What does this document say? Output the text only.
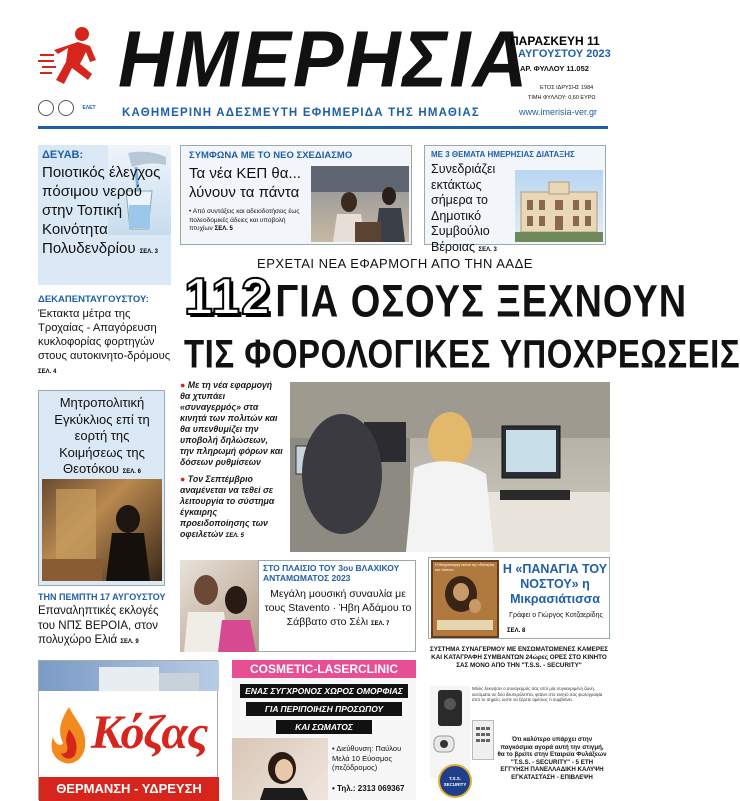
ΕΛΕΤ
ΗΜΕΡΗΣΙΑ
ΚΑΘΗΜΕΡΙΝΗ ΑΔΕΣΜΕΥΤΗ ΕΦΗΜΕΡΙΔΑ ΤΗΣ ΗΜΑΘΙΑΣ
ΠΑΡΑΣΚΕΥΗ 11
ΑΥΓΟΥΣΤΟΥ 2023
ΑΡ. ΦΥΛΛΟΥ 11.052
ΕΤΟΣ ΙΔΡΥΣΗΣ 1984
ΤΙΜΗ ΦΥΛΛΟΥ: 0,60 ΕΥΡΩ
www.imerisia-ver.gr
ΔΕΥΑΒ:
Ποιοτικός έλεγχος πόσιμου νερού στην Τοπική Κοινότητα Πολυδενδρίου ΣΕΛ. 3
ΔΕΚΑΠΕΝΤΑΥΓΟΥΣΤΟΥ:
Έκτακτα μέτρα της Τροχαίας - Απαγόρευση κυκλοφορίας φορτηγών στους αυτοκινητο-δρόμους ΣΕΛ. 4
Μητροπολιτική Εγκύκλιος επί τη εορτή της Κοιμήσεως της Θεοτόκου ΣΕΛ. 6
ΤΗΝ ΠΕΜΠΤΗ 17 ΑΥΓΟΥΣΤΟΥ
Επαναληπτικές εκλογές του ΝΠΣ ΒΕΡΟΙΑ, στον πολυχώρο Ελιά ΣΕΛ. 9
ΣΥΜΦΩΝΑ ΜΕ ΤΟ ΝΕΟ ΣΧΕΔΙΑΣΜΟ
Τα νέα ΚΕΠ θα... λύνουν τα πάντα
• Από συντάξεις και αδειοδοτήσεις έως πολεοδομικές άδειες και υποβολή πτυχίων ΣΕΛ. 5
ΜΕ 3 ΘΕΜΑΤΑ ΗΜΕΡΗΣΙΑΣ ΔΙΑΤΑΞΗΣ
Συνεδριάζει εκτάκτως σήμερα το Δημοτικό Συμβούλιο Βέροιας ΣΕΛ. 3
ΕΡΧΕΤΑΙ ΝΕΑ ΕΦΑΡΜΟΓΗ ΑΠΟ ΤΗΝ ΑΑΔΕ
112 ΓΙΑ ΟΣΟΥΣ ΞΕΧΝΟΥΝ
ΤΙΣ ΦΟΡΟΛΟΓΙΚΕΣ ΥΠΟΧΡΕΩΣΕΙΣ
● Με τη νέα εφαρμογή θα χτυπάει «συναγερμός» στα κινητά των πολιτών και θα υπενθυμίζει την υποβολή δηλώσεων, την πληρωμή φόρων και δόσεων ρυθμίσεων
● Τον Σεπτέμβριο αναμένεται να τεθεί σε λειτουργία το σύστημα έγκαιρης προειδοποίησης των οφειλετών ΣΕΛ. 5
ΣΤΟ ΠΛΑΙΣΙΟ ΤΟΥ 3ου ΒΛΑΧΙΚΟΥ ΑΝΤΑΜΩΜΑΤΟΣ 2023
Μεγάλη μουσική συναυλία με τους Stavento · Ήβη Αδάμου το Σάββατο στο Σέλι ΣΕΛ. 7
Η Θαυματουργή εικόνα της «Παναγίας του νόστου»	Η «ΠΑΝΑΓΙΑ ΤΟΥ ΝΟΣΤΟΥ» η Μικρασιάτισσα
Γράφει ο Γιώργος Κοτζαερίδης
ΣΕΛ. 8
Κόζας
ΘΕΡΜΑΝΣΗ - ΥΔΡΕΥΣΗ
COSMETIC-LASERCLINIC
ΕΝΑΣ ΣΥΓΧΡΟΝΟΣ ΧΩΡΟΣ ΟΜΟΡΦΙΑΣ
ΓΙΑ ΠΕΡΙΠΟΙΗΣΗ ΠΡΟΣΩΠΟΥ
ΚΑΙ ΣΩΜΑΤΟΣ
• Διεύθυνση: Παύλου Μελά 10 Εύοσμος (πεζόδρομος)
• Τηλ.: 2313 069367
ΣΥΣΤΗΜΑ ΣΥΝΑΓΕΡΜΟΥ ΜΕ ΕΝΣΩΜΑΤΩΜΕΝΕΣ ΚΑΜΕΡΕΣ ΚΑΙ ΚΑΤΑΓΡΑΦΗ ΣΥΜΒΑΝΤΩΝ 24ώρες ΟΡΕΣ ΣΤΟ ΚΙΝΗΤΟ ΣΑΣ ΜΟΝΟ ΑΠΟ ΤΗΝ "T.S.S. - SECURITY"
Μόλις ξεκινήσει ο συναγερμός σας από μία συγκεκριμένη ζώνη, αυτόματα σε δύο δευτερόλεπτα, φτάνει στο κινητό σας φωτογραφία από το σημείο, ώστε να ξέρετε αμέσως τι συμβαίνει.
Ότι καλύτερο υπάρχει στην παγκόσμια αγορά αυτή την στιγμή, θα το βρείτε στην Εταιρεία Φυλάξεων "T.S.S. - SECURITY" - 5 ΕΤΗ ΕΓΓΥΗΣΗ ΠΑΝΕΛΛΑΔΙΚΗ ΚΑΛΥΨΗ ΕΓΚΑΤΑΣΤΑΣΗ - ΕΠΙΒΛΕΨΗ
T.S.S. SECURITY
